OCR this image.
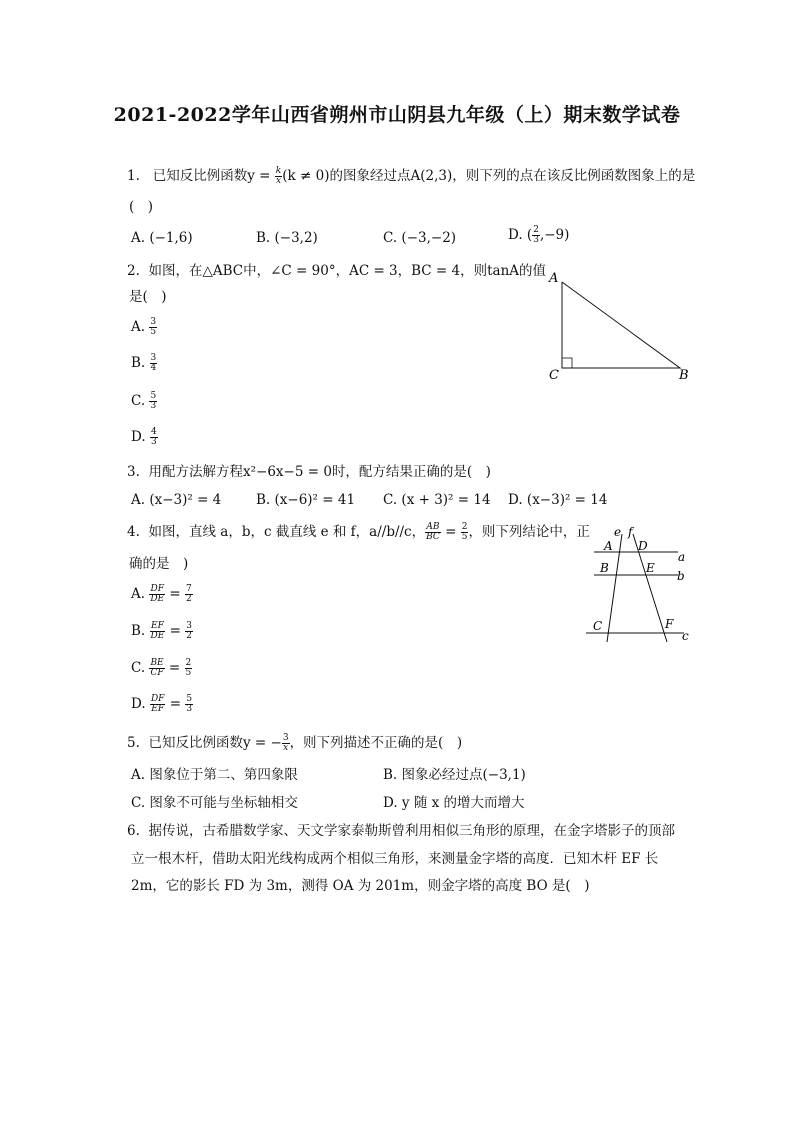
2021-2022学年山西省朔州市山阴县九年级（上）期末数学试卷
1. 已知反比例函数$y = \frac{k}{x} (k \ne 0)$的图象经过点A(2,3)，则下列的点在该反比例函数图象上的是
(　)
A. (−1,6)	B. (−3,2)	C. (−3,−2)	D. ( $\frac{2}{3} ,-9$)
2. 如图，在△ABC中，∠C = 90°，AC = 3，BC = 4，则tanA的值
是(　)
A. $\frac{3}{5}$
B. $\frac{3}{4}$
C. $\frac{5}{3}$
D. $\frac{4}{3}$
A
C	B
3. 用配方法解方程x²−6x−5 = 0时，配方结果正确的是(　)
A. (x−3)² = 4	B. (x−6)² = 41 C. (x + 3)² = 14 D. (x−3)² = 14
4. 如图，直线 a，b，c 截直线 e 和 f，a//b//c， $\frac{AB}{BC} = \frac{2}{5}$ ，则下列结论中，正
确的是　)
A. $\frac{DF}{DE} = \frac{7}{2}$
B. $\frac{EF}{DE} = \frac{3}{2}$
C. $\frac{BE}{CF} = \frac{2}{5}$
D. $\frac{DF}{EF} = \frac{5}{3}$
e f
A D
a
B	E
b
C	F
c
5. 已知反比例函数y = − $\frac{3}{x}$ ，则下列描述不正确的是(　)
A. 图象位于第二、第四象限	B. 图象必经过点(−3,1)
C. 图象不可能与坐标轴相交	D. y 随 x 的增大而增大
6. 据传说，古希腊数学家、天文学家泰勒斯曾利用相似三角形的原理，在金字塔影子的顶部
立一根木杆，借助太阳光线构成两个相似三角形，来测量金字塔的高度．已知木杆 EF 长
2m，它的影长 FD 为 3m，测得 OA 为 201m，则金字塔的高度 BO 是(　)
